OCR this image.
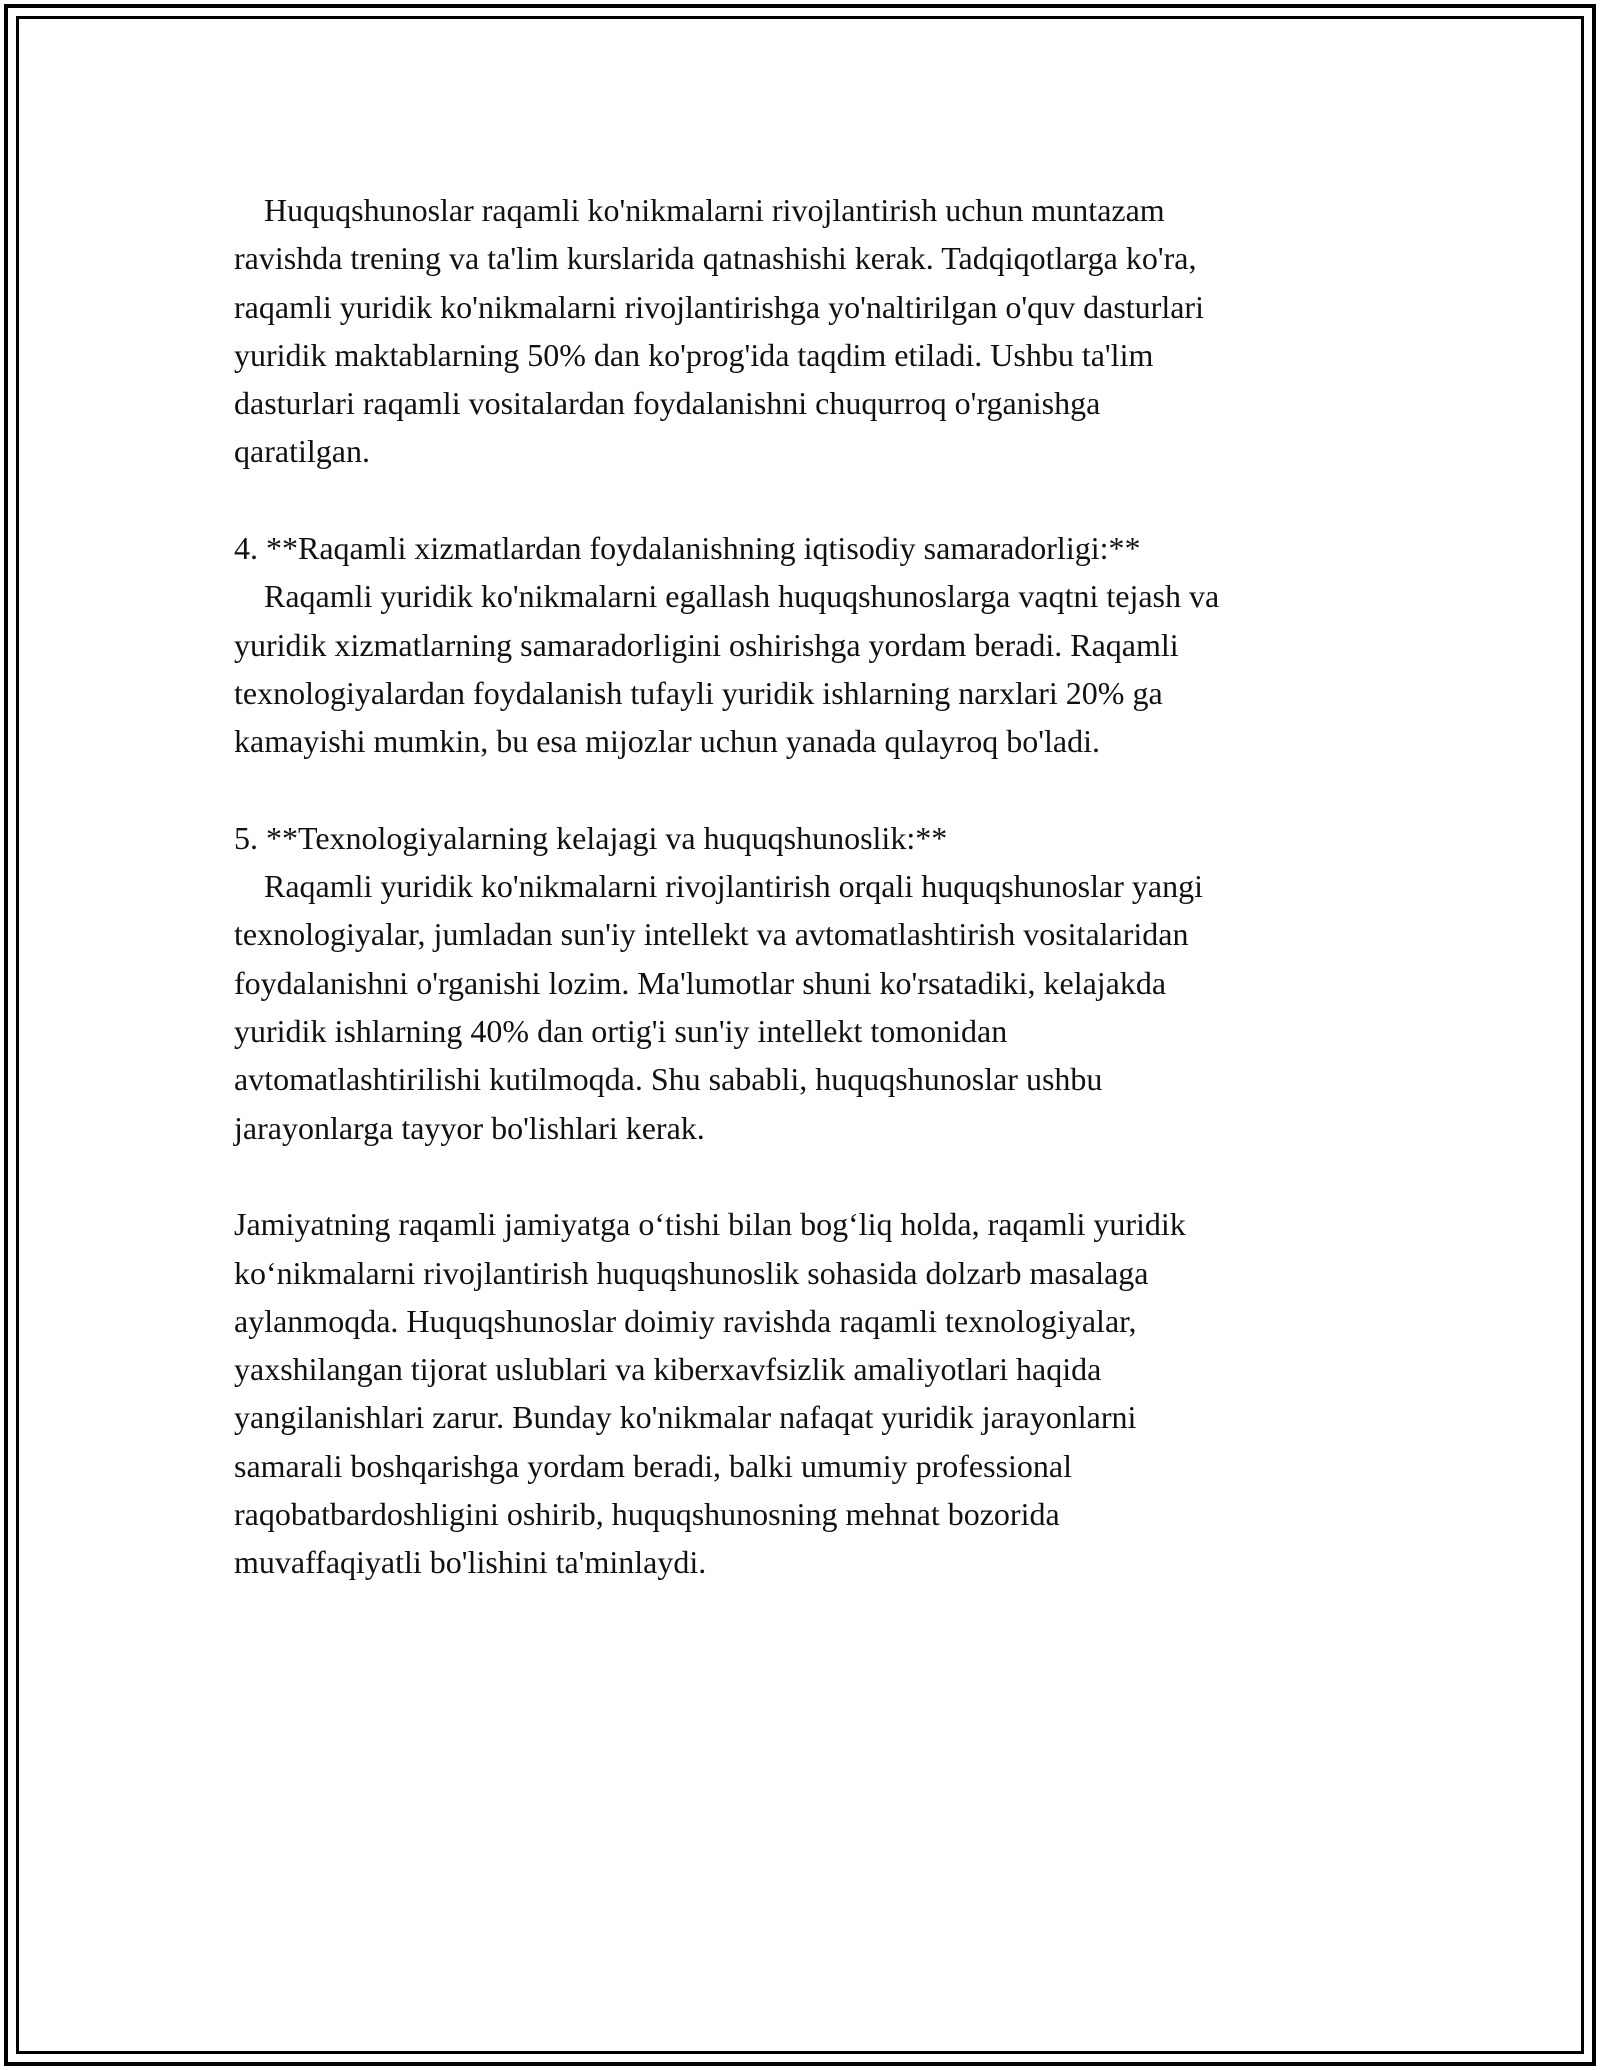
Huquqshunoslar raqamli ko'nikmalarni rivojlantirish uchun muntazam

ravishda trening va ta'lim kurslarida qatnashishi kerak. Tadqiqotlarga ko'ra,

raqamli yuridik ko'nikmalarni rivojlantirishga yo'naltirilgan o'quv dasturlari

yuridik maktablarning 50% dan ko'prog'ida taqdim etiladi. Ushbu ta'lim

dasturlari raqamli vositalardan foydalanishni chuqurroq o'rganishga

qaratilgan.

4. **Raqamli xizmatlardan foydalanishning iqtisodiy samaradorligi:**

Raqamli yuridik ko'nikmalarni egallash huquqshunoslarga vaqtni tejash va

yuridik xizmatlarning samaradorligini oshirishga yordam beradi. Raqamli

texnologiyalardan foydalanish tufayli yuridik ishlarning narxlari 20% ga

kamayishi mumkin, bu esa mijozlar uchun yanada qulayroq bo'ladi.

5. **Texnologiyalarning kelajagi va huquqshunoslik:**

Raqamli yuridik ko'nikmalarni rivojlantirish orqali huquqshunoslar yangi

texnologiyalar, jumladan sun'iy intellekt va avtomatlashtirish vositalaridan

foydalanishni o'rganishi lozim. Ma'lumotlar shuni ko'rsatadiki, kelajakda

yuridik ishlarning 40% dan ortig'i sun'iy intellekt tomonidan

avtomatlashtirilishi kutilmoqda. Shu sababli, huquqshunoslar ushbu

jarayonlarga tayyor bo'lishlari kerak.

Jamiyatning raqamli jamiyatga o‘tishi bilan bog‘liq holda, raqamli yuridik

ko‘nikmalarni rivojlantirish huquqshunoslik sohasida dolzarb masalaga

aylanmoqda. Huquqshunoslar doimiy ravishda raqamli texnologiyalar,

yaxshilangan tijorat uslublari va kiberxavfsizlik amaliyotlari haqida

yangilanishlari zarur. Bunday ko'nikmalar nafaqat yuridik jarayonlarni

samarali boshqarishga yordam beradi, balki umumiy professional

raqobatbardoshligini oshirib, huquqshunosning mehnat bozorida

muvaffaqiyatli bo'lishini ta'minlaydi.
